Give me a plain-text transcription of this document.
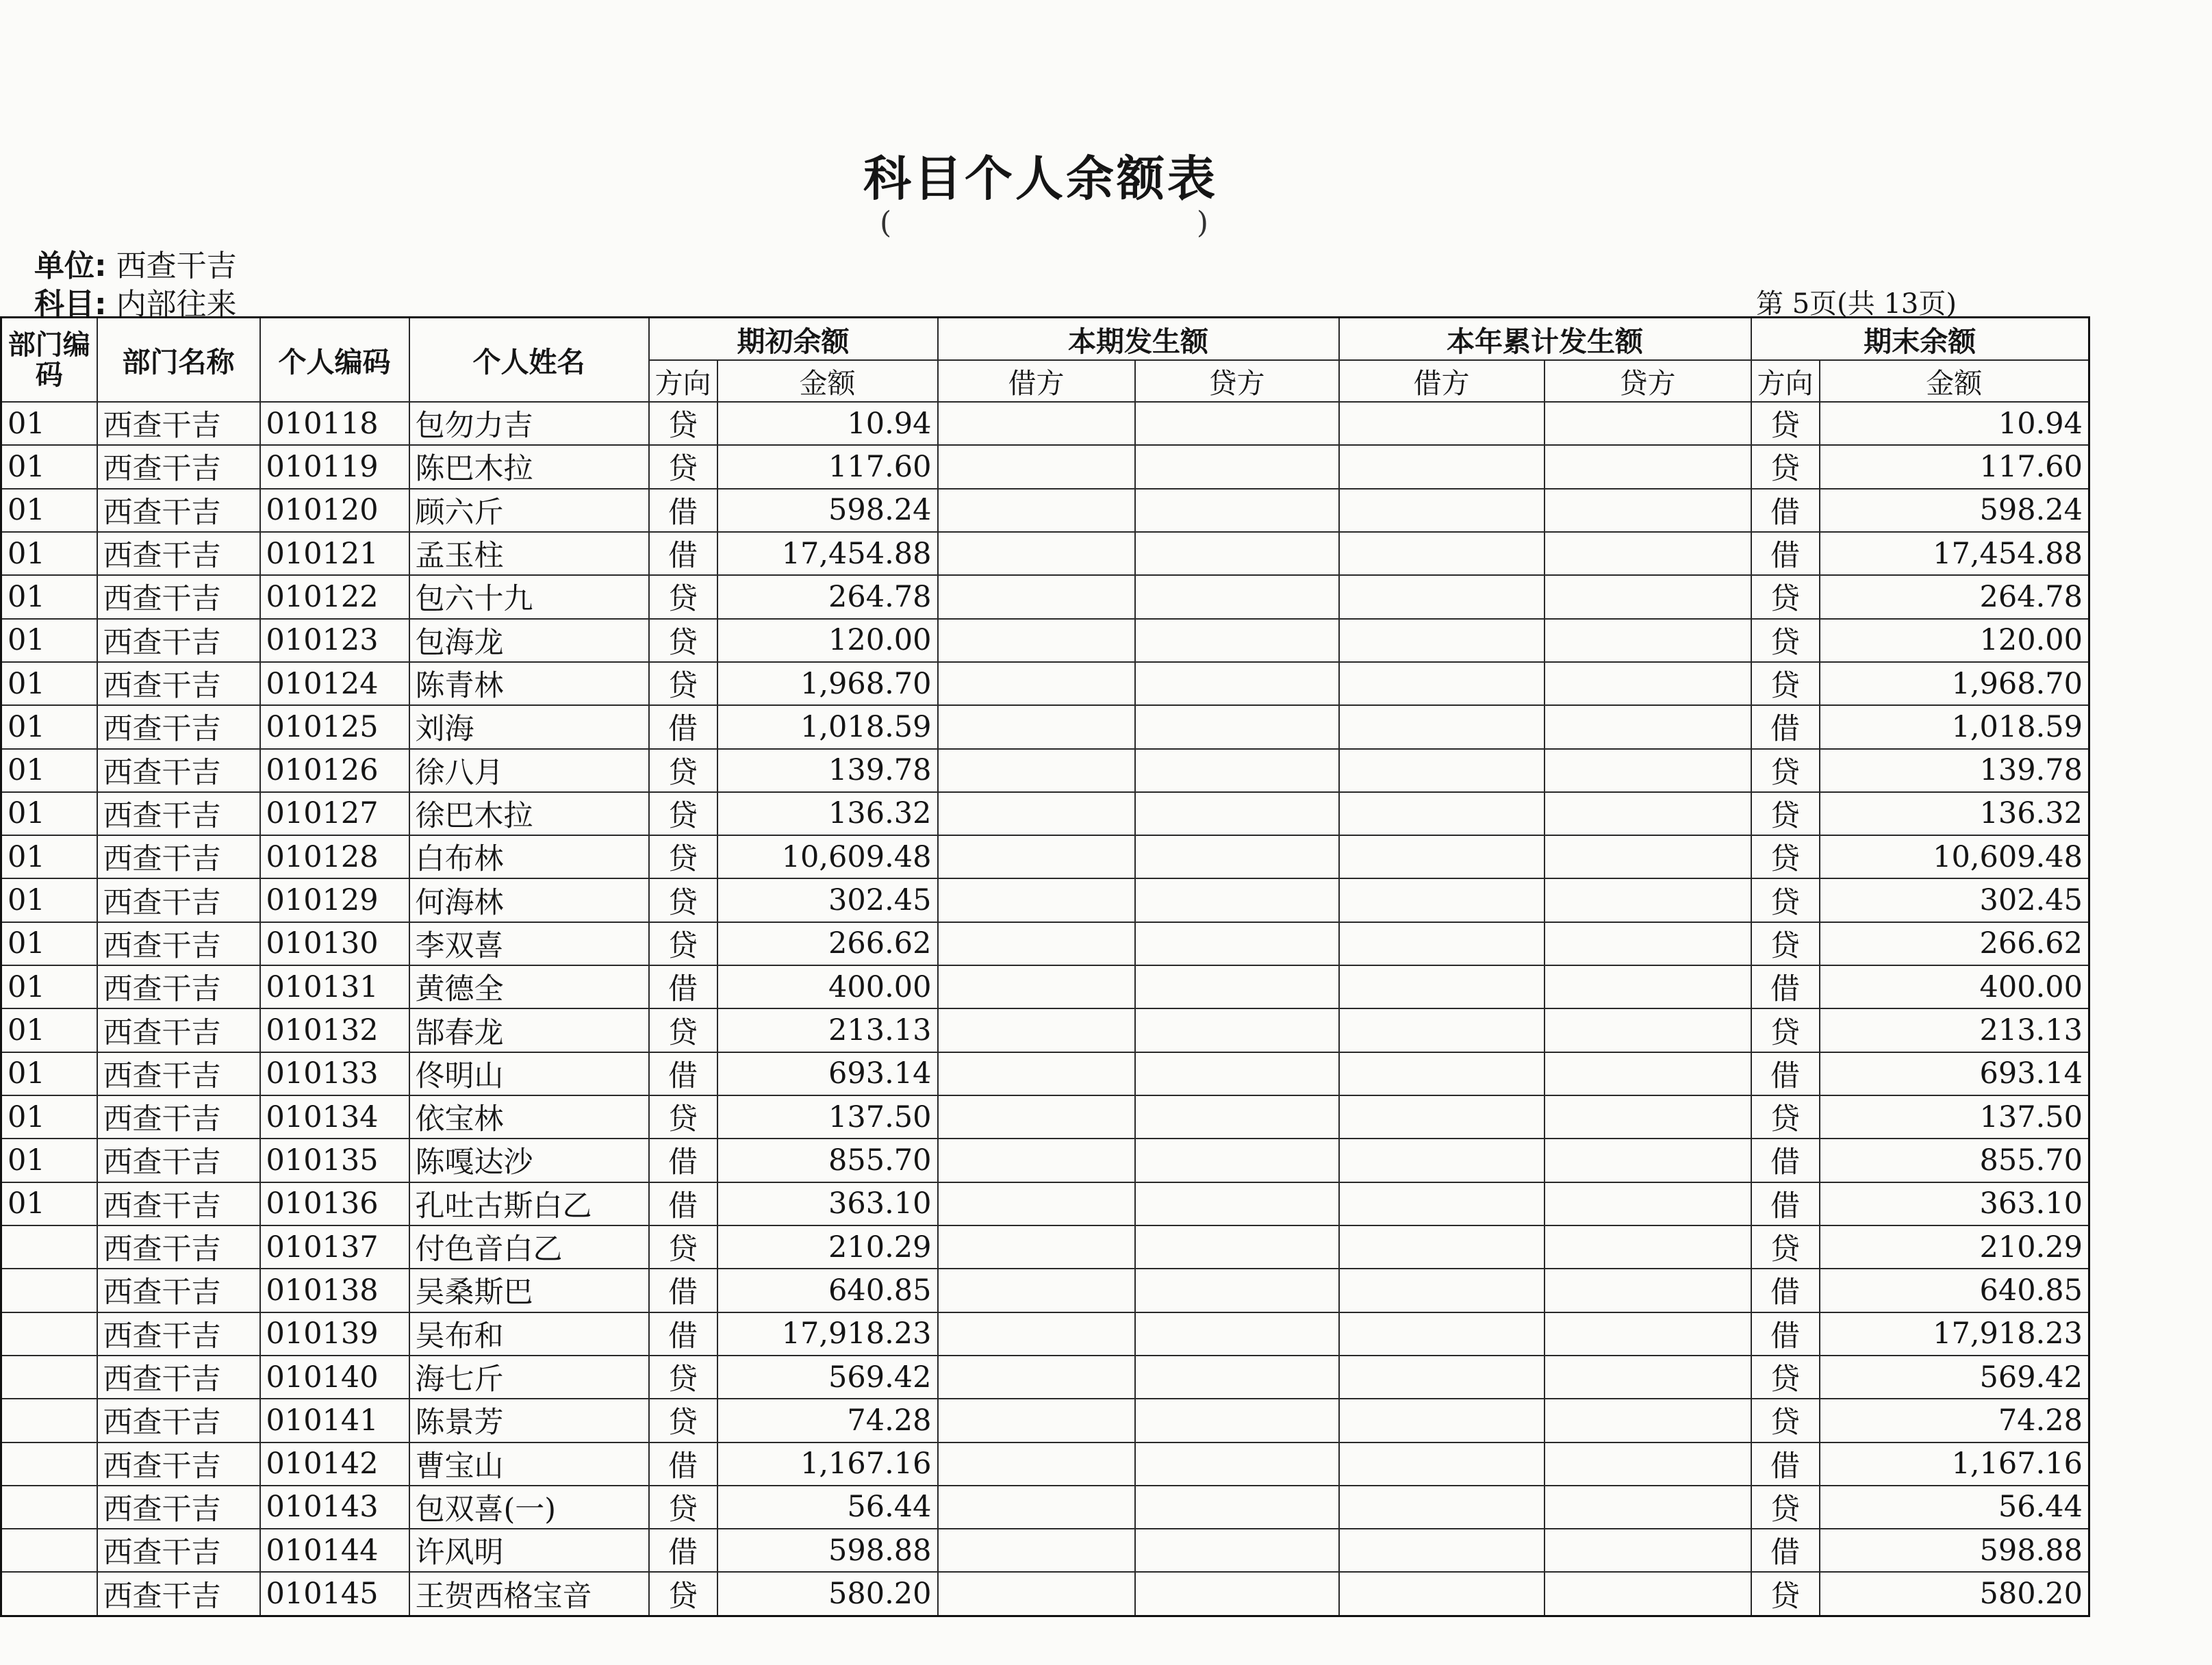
科目个人余额表
(	)
单位: 西查干吉
科目: 内部往来	第 5页(共 13页)
部门编码	部门名称	个人编码	个人姓名	期初余额		本期发生额		本年累计发生额		期末余额	
				方向	金额	借方	贷方	借方	贷方	方向	金额
01	西查干吉	010118	包勿力吉	贷	10.94					贷	10.94
01	西查干吉	010119	陈巴木拉	贷	117.60					贷	117.60
01	西查干吉	010120	顾六斤	借	598.24					借	598.24
01	西查干吉	010121	孟玉柱	借	17,454.88					借	17,454.88
01	西查干吉	010122	包六十九	贷	264.78					贷	264.78
01	西查干吉	010123	包海龙	贷	120.00					贷	120.00
01	西查干吉	010124	陈青林	贷	1,968.70					贷	1,968.70
01	西查干吉	010125	刘海	借	1,018.59					借	1,018.59
01	西查干吉	010126	徐八月	贷	139.78					贷	139.78
01	西查干吉	010127	徐巴木拉	贷	136.32					贷	136.32
01	西查干吉	010128	白布林	贷	10,609.48					贷	10,609.48
01	西查干吉	010129	何海林	贷	302.45					贷	302.45
01	西查干吉	010130	李双喜	贷	266.62					贷	266.62
01	西查干吉	010131	黄德全	借	400.00					借	400.00
01	西查干吉	010132	郜春龙	贷	213.13					贷	213.13
01	西查干吉	010133	佟明山	借	693.14					借	693.14
01	西查干吉	010134	依宝林	贷	137.50					贷	137.50
01	西查干吉	010135	陈嘎达沙	借	855.70					借	855.70
01	西查干吉	010136	孔吐古斯白乙	借	363.10					借	363.10
	西查干吉	010137	付色音白乙	贷	210.29					贷	210.29
	西查干吉	010138	吴桑斯巴	借	640.85					借	640.85
	西查干吉	010139	吴布和	借	17,918.23					借	17,918.23
	西查干吉	010140	海七斤	贷	569.42					贷	569.42
	西查干吉	010141	陈景芳	贷	74.28					贷	74.28
	西查干吉	010142	曹宝山	借	1,167.16					借	1,167.16
	西查干吉	010143	包双喜(一)	贷	56.44					贷	56.44
	西查干吉	010144	许风明	借	598.88					借	598.88
	西查干吉	010145	王贺西格宝音	贷	580.20					贷	580.20
